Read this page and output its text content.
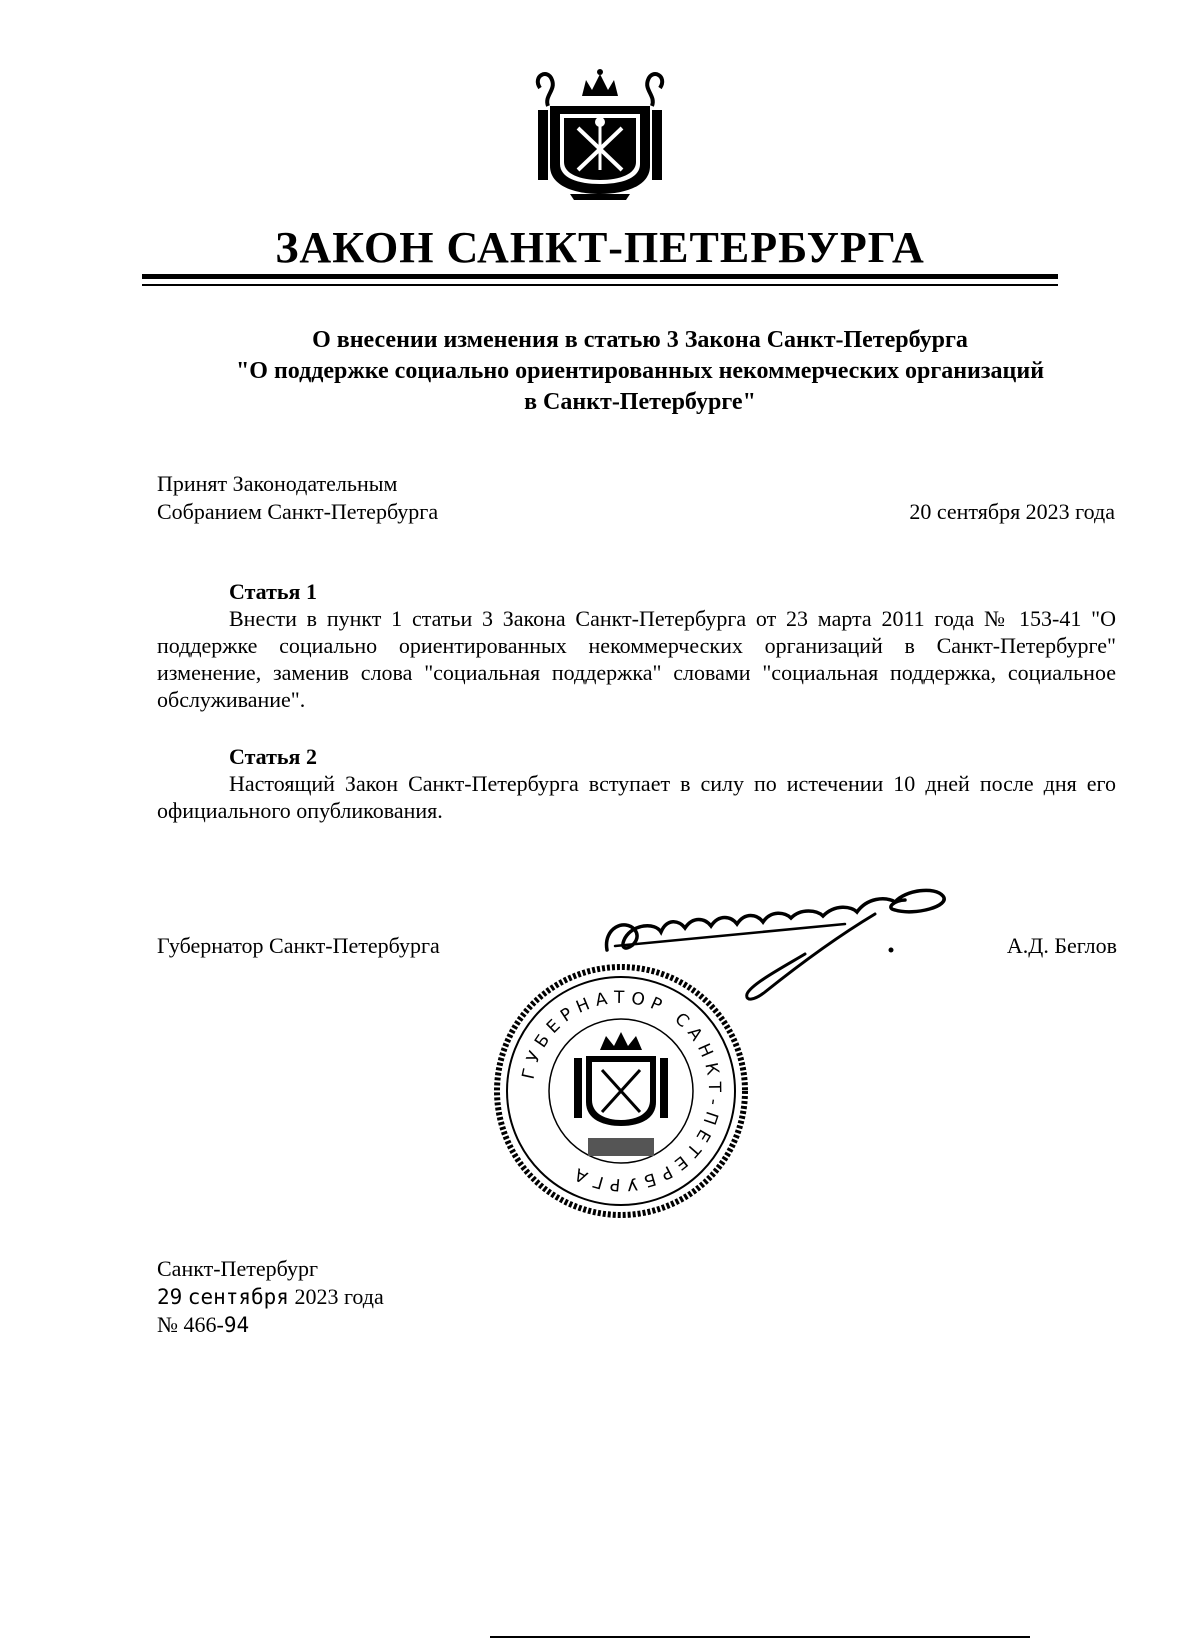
ЗАКОН САНКТ-ПЕТЕРБУРГА
О внесении изменения в статью 3 Закона Санкт-Петербурга
"О поддержке социально ориентированных некоммерческих организаций
в Санкт-Петербурге"
Принят Законодательным
Собранием Санкт-Петербурга	20 сентября 2023 года
Статья 1

Внести в пункт 1 статьи 3 Закона Санкт-Петербурга от 23 марта 2011 года № 153-41 "О поддержке социально ориентированных некоммерческих организаций в Санкт-Петербурге" изменение, заменив слова "социальная поддержка" словами "социальная поддержка, социальное обслуживание".

Статья 2

Настоящий Закон Санкт-Петербурга вступает в силу по истечении 10 дней после дня его официального опубликования.

Губернатор Санкт-Петербурга	А.Д. Беглов
ГУБЕРНАТОР САНКТ-ПЕТЕРБУРГА
Санкт-Петербург
29 сентября 2023 года
№ 466-94
